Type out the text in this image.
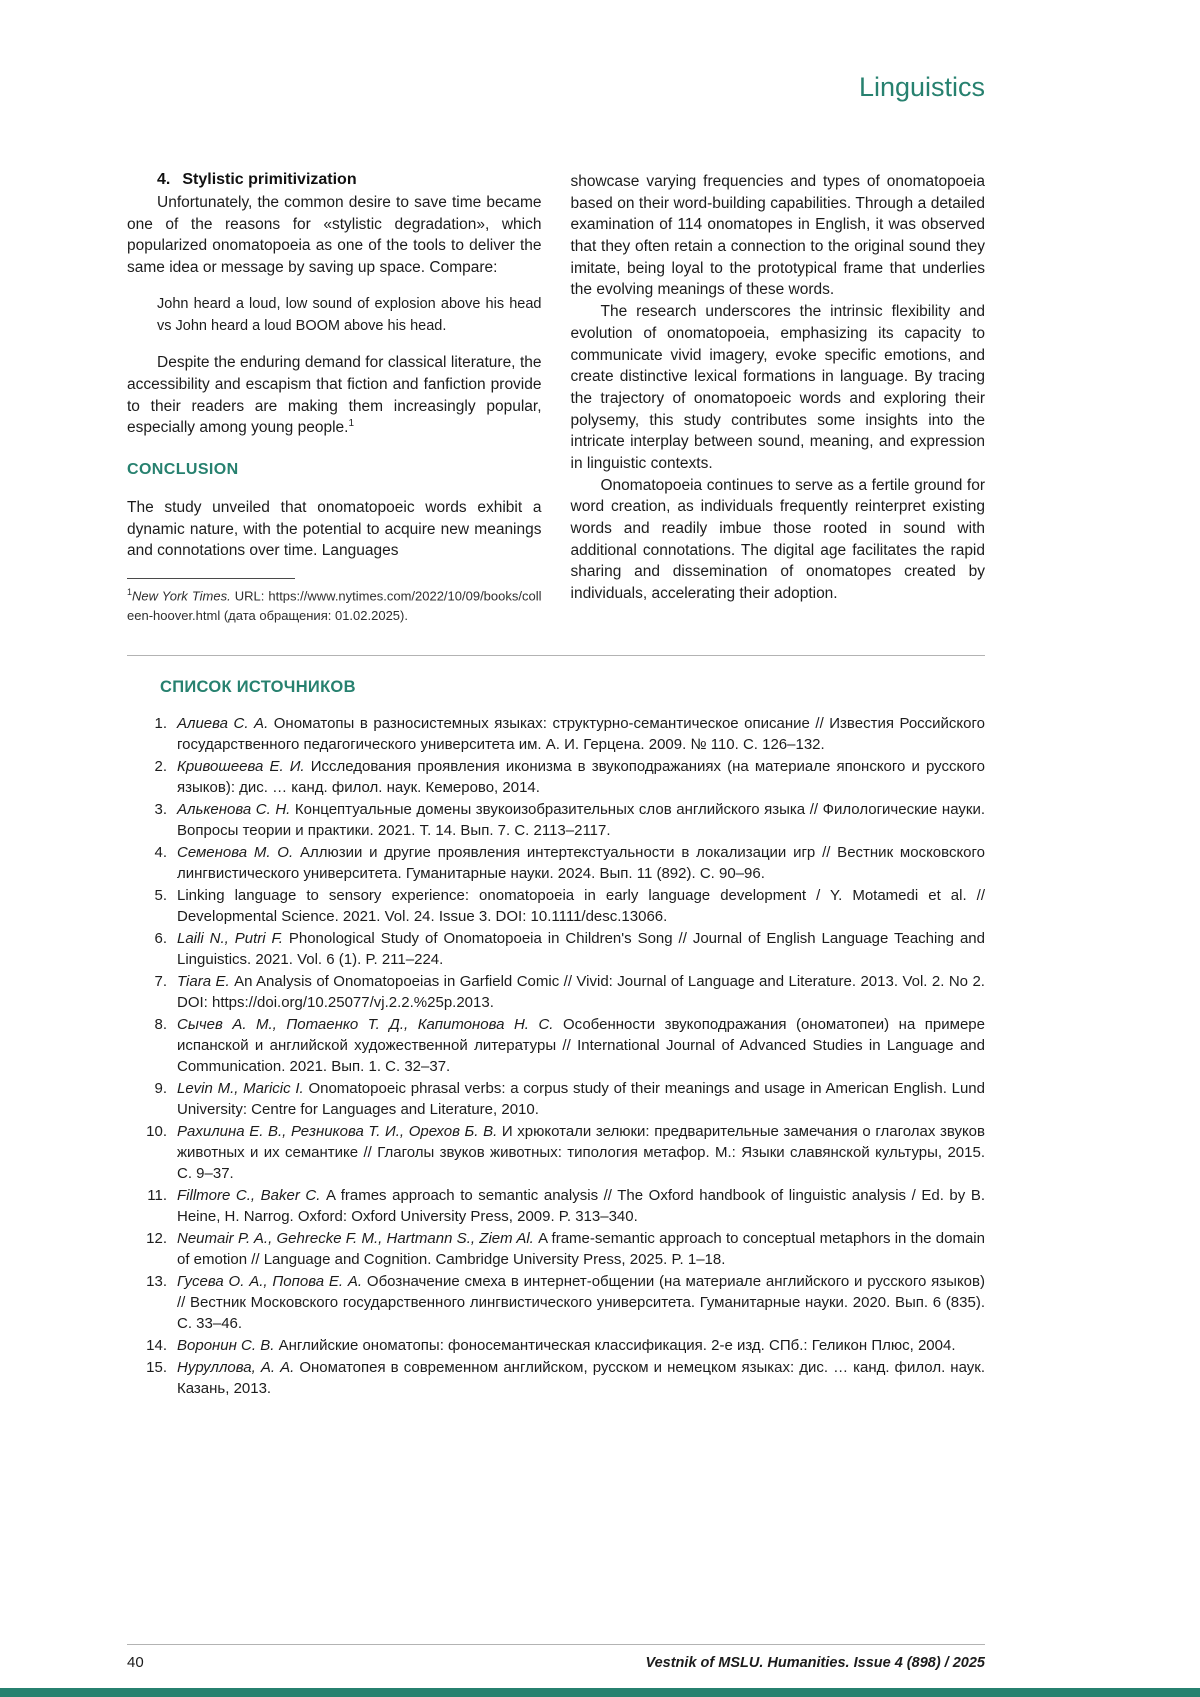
Linguistics
4. Stylistic primitivization

Unfortunately, the common desire to save time became one of the reasons for «stylistic degradation», which popularized onomatopoeia as one of the tools to deliver the same idea or message by saving up space. Compare:

John heard a loud, low sound of explosion above his head vs John heard a loud BOOM above his head.

Despite the enduring demand for classical literature, the accessibility and escapism that fiction and fanfiction provide to their readers are making them increasingly popular, especially among young people.$^1$

CONCLUSION

The study unveiled that onomatopoeic words exhibit a dynamic nature, with the potential to acquire new meanings and connotations over time. Languages

$^1$New York Times. URL: https://www.nytimes.com/2022/10/09/books/colleen-hoover.html (дата обращения: 01.02.2025).

showcase varying frequencies and types of onomatopoeia based on their word-building capabilities. Through a detailed examination of 114 onomatopes in English, it was observed that they often retain a connection to the original sound they imitate, being loyal to the prototypical frame that underlies the evolving meanings of these words.

The research underscores the intrinsic flexibility and evolution of onomatopoeia, emphasizing its capacity to communicate vivid imagery, evoke specific emotions, and create distinctive lexical formations in language. By tracing the trajectory of onomatopoeic words and exploring their polysemy, this study contributes some insights into the intricate interplay between sound, meaning, and expression in linguistic contexts.

Onomatopoeia continues to serve as a fertile ground for word creation, as individuals frequently reinterpret existing words and readily imbue those rooted in sound with additional connotations. The digital age facilitates the rapid sharing and dissemination of onomatopes created by individuals, accelerating their adoption.

СПИСОК ИСТОЧНИКОВ
1. Алиева С. А. Ономатопы в разносистемных языках: структурно-семантическое описание // Известия Российского государственного педагогического университета им. А. И. Герцена. 2009. № 110. С. 126–132.
2. Кривошеева Е. И. Исследования проявления иконизма в звукоподражаниях (на материале японского и русского языков): дис. … канд. филол. наук. Кемерово, 2014.
3. Алькенова С. Н. Концептуальные домены звукоизобразительных слов английского языка // Филологические науки. Вопросы теории и практики. 2021. Т. 14. Вып. 7. С. 2113–2117.
4. Семенова М. О. Аллюзии и другие проявления интертекстуальности в локализации игр // Вестник московского лингвистического университета. Гуманитарные науки. 2024. Вып. 11 (892). С. 90–96.
5. Linking language to sensory experience: onomatopoeia in early language development / Y. Motamedi et al. // Developmental Science. 2021. Vol. 24. Issue 3. DOI: 10.1111/desc.13066.
6. Laili N., Putri F. Phonological Study of Onomatopoeia in Children's Song // Journal of English Language Teaching and Linguistics. 2021. Vol. 6 (1). P. 211–224.
7. Tiara E. An Analysis of Onomatopoeias in Garfield Comic // Vivid: Journal of Language and Literature. 2013. Vol. 2. No 2. DOI: https://doi.org/10.25077/vj.2.2.%25p.2013.
8. Сычев А. М., Потаенко Т. Д., Капитонова Н. С. Особенности звукоподражания (ономатопеи) на примере испанской и английской художественной литературы // International Journal of Advanced Studies in Language and Communication. 2021. Вып. 1. С. 32–37.
9. Levin M., Maricic I. Onomatopoeic phrasal verbs: a corpus study of their meanings and usage in American English. Lund University: Centre for Languages and Literature, 2010.
10. Рахилина Е. В., Резникова Т. И., Орехов Б. В. И хрюкотали зелюки: предварительные замечания о глаголах звуков животных и их семантике // Глаголы звуков животных: типология метафор. М.: Языки славянской культуры, 2015. С. 9–37.
11. Fillmore C., Baker C. A frames approach to semantic analysis // The Oxford handbook of linguistic analysis / Ed. by B. Heine, H. Narrog. Oxford: Oxford University Press, 2009. P. 313–340.
12. Neumair P. A., Gehrecke F. M., Hartmann S., Ziem Al. A frame-semantic approach to conceptual metaphors in the domain of emotion // Language and Cognition. Cambridge University Press, 2025. P. 1–18.
13. Гусева О. А., Попова Е. А. Обозначение смеха в интернет-общении (на материале английского и русского языков) // Вестник Московского государственного лингвистического университета. Гуманитарные науки. 2020. Вып. 6 (835). С. 33–46.
14. Воронин С. В. Английские ономатопы: фоносемантическая классификация. 2-е изд. СПб.: Геликон Плюс, 2004.
15. Нуруллова, А. А. Ономатопея в современном английском, русском и немецком языках: дис. … канд. филол. наук. Казань, 2013.
40	Vestnik of MSLU. Humanities. Issue 4 (898) / 2025
